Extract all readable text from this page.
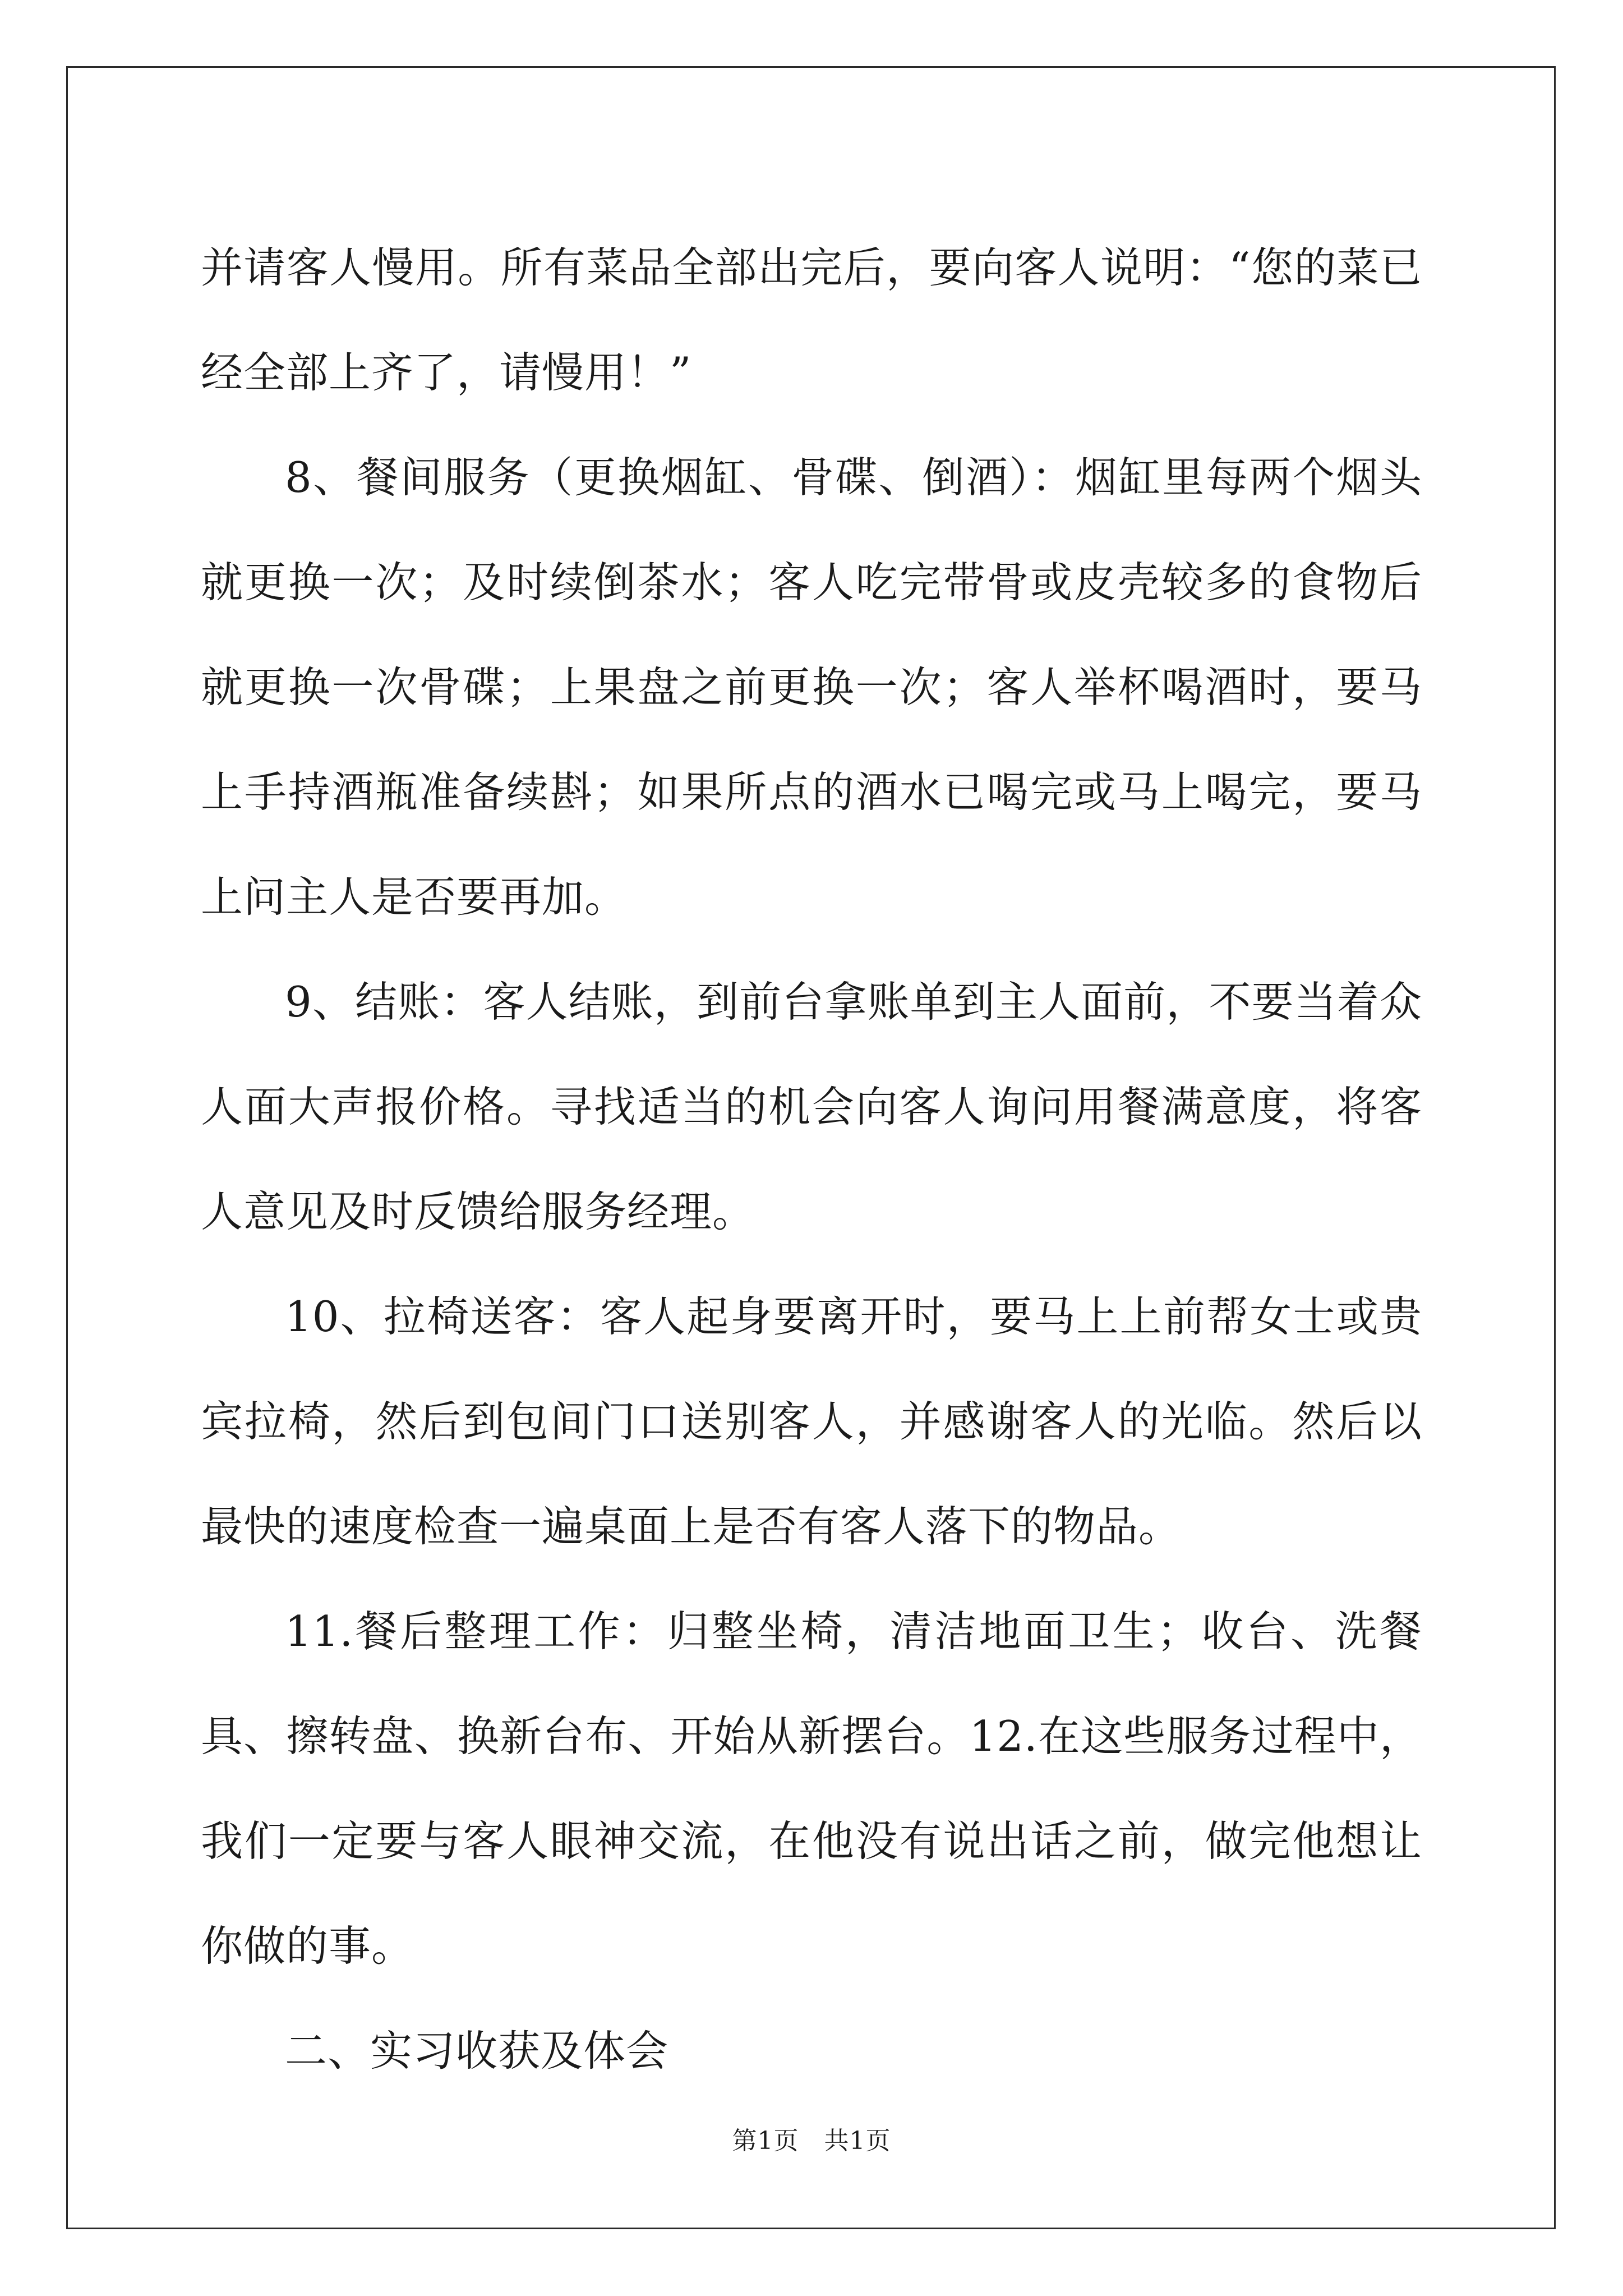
并请客人慢用。所有菜品全部出完后，要向客人说明：“您的菜已经全部上齐了，请慢用！”

8、餐间服务（更换烟缸、骨碟、倒酒）：烟缸里每两个烟头就更换一次；及时续倒茶水；客人吃完带骨或皮壳较多的食物后就更换一次骨碟；上果盘之前更换一次；客人举杯喝酒时，要马上手持酒瓶准备续斟；如果所点的酒水已喝完或马上喝完，要马上问主人是否要再加。

9、结账：客人结账，到前台拿账单到主人面前，不要当着众人面大声报价格。寻找适当的机会向客人询问用餐满意度，将客人意见及时反馈给服务经理。

10、拉椅送客：客人起身要离开时，要马上上前帮女士或贵宾拉椅，然后到包间门口送别客人，并感谢客人的光临。然后以最快的速度检查一遍桌面上是否有客人落下的物品。

11.餐后整理工作：归整坐椅，清洁地面卫生；收台、洗餐具、擦转盘、换新台布、开始从新摆台。12.在这些服务过程中，我们一定要与客人眼神交流，在他没有说出话之前，做完他想让你做的事。

二、实习收获及体会

第1页　共1页
